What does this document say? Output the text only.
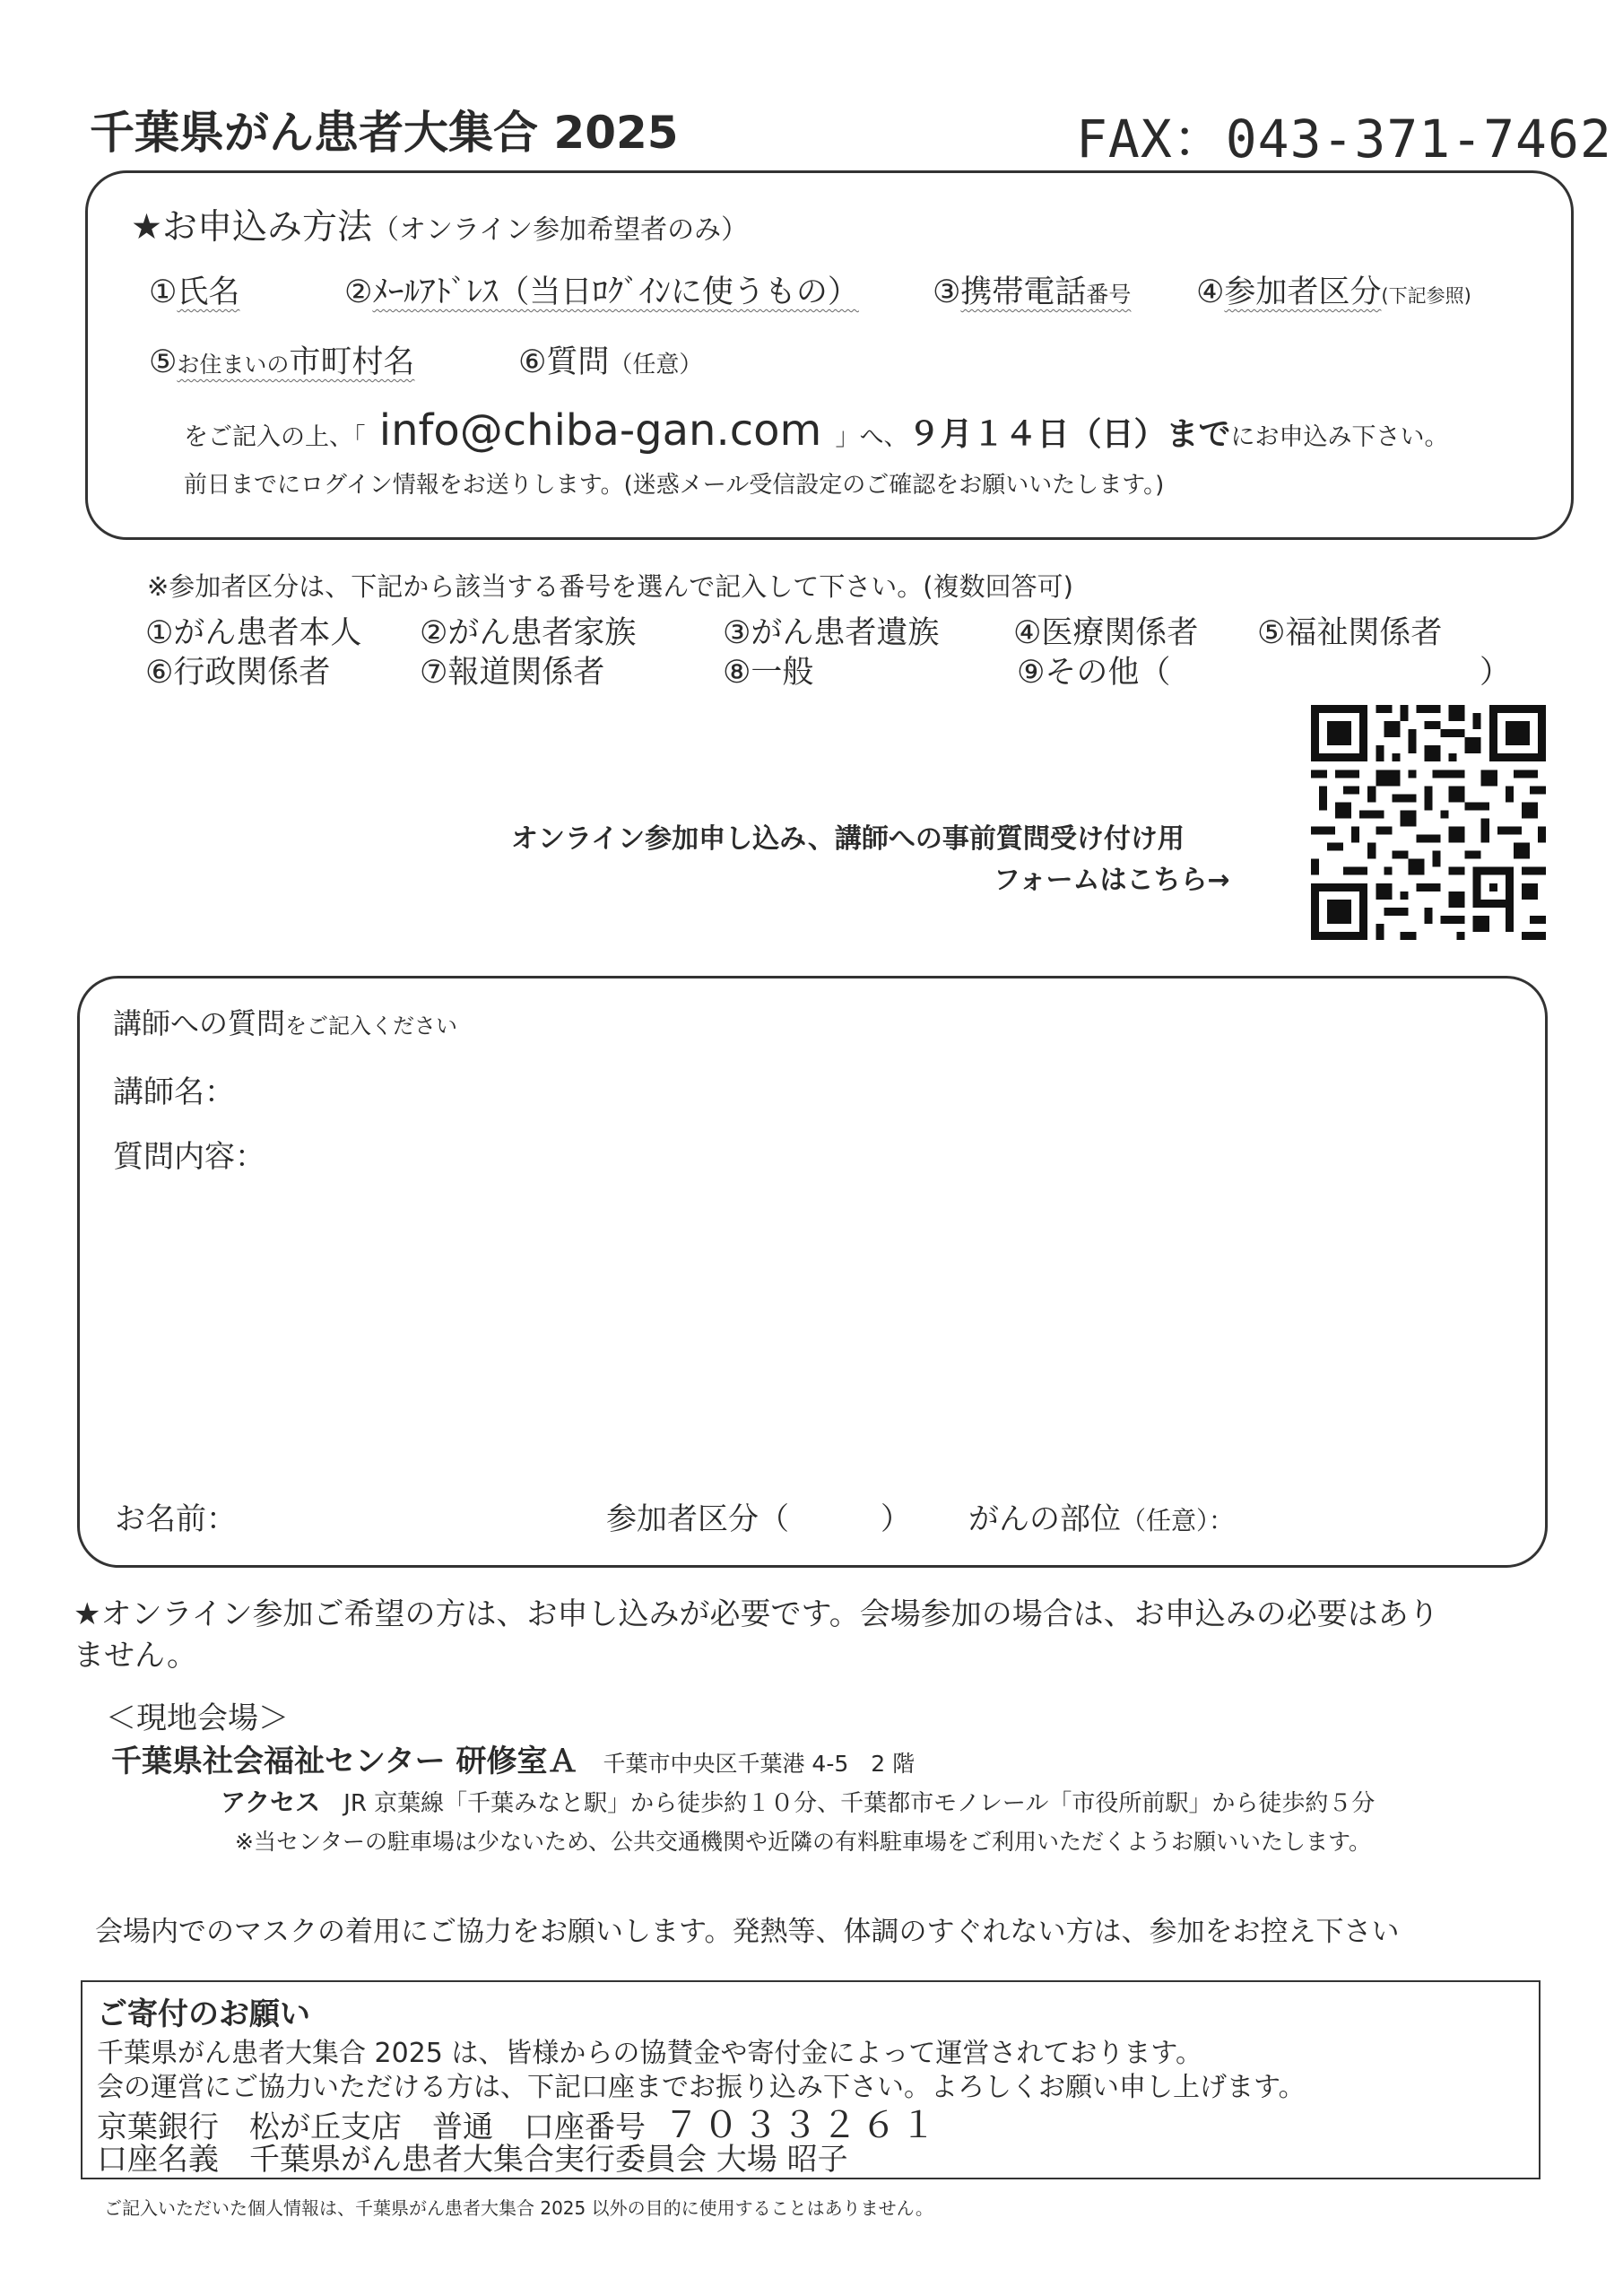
千葉県がん患者大集合 2025	FAX：043-371-7462
★お申込み方法（オンライン参加希望者のみ）
①氏名	②ﾒｰﾙｱﾄﾞﾚｽ（当日ﾛｸﾞｲﾝに使うもの） ③携帯電話番号 ④参加者区分(下記参照)
⑤お住まいの市町村名	⑥質問（任意）
をご記入の上、「 info@chiba-gan.com 」へ、９月１４日（日）までにお申込み下さい。
前日までにログイン情報をお送りします。(迷惑メール受信設定のご確認をお願いいたします。)
※参加者区分は、下記から該当する番号を選んで記入して下さい。(複数回答可)
①がん患者本人 ②がん患者家族	③がん患者遺族 ④医療関係者 ⑤福祉関係者
⑥行政関係者	⑦報道関係者	⑧一般	⑨その他（	）
オンライン参加申し込み、講師への事前質問受け付け用
フォームはこちら→
講師への質問をご記入ください
講師名：
質問内容：
お名前：	参加者区分（　　　） がんの部位（任意）：
★オンライン参加ご希望の方は、お申し込みが必要です。会場参加の場合は、お申込みの必要はあり
ません。
＜現地会場＞
千葉県社会福祉センター 研修室Ａ 千葉市中央区千葉港 4-5　2 階
アクセス JR 京葉線「千葉みなと駅」から徒歩約１０分、千葉都市モノレール「市役所前駅」から徒歩約５分
※当センターの駐車場は少ないため、公共交通機関や近隣の有料駐車場をご利用いただくようお願いいたします。
会場内でのマスクの着用にご協力をお願いします。発熱等、体調のすぐれない方は、参加をお控え下さい
ご寄付のお願い
千葉県がん患者大集合 2025 は、皆様からの協賛金や寄付金によって運営されております。
会の運営にご協力いただける方は、下記口座までお振り込み下さい。よろしくお願い申し上げます。
京葉銀行　松が丘支店　普通　口座番号 ７０３３２６１
口座名義　千葉県がん患者大集合実行委員会 大場 昭子
ご記入いただいた個人情報は、千葉県がん患者大集合 2025 以外の目的に使用することはありません。
